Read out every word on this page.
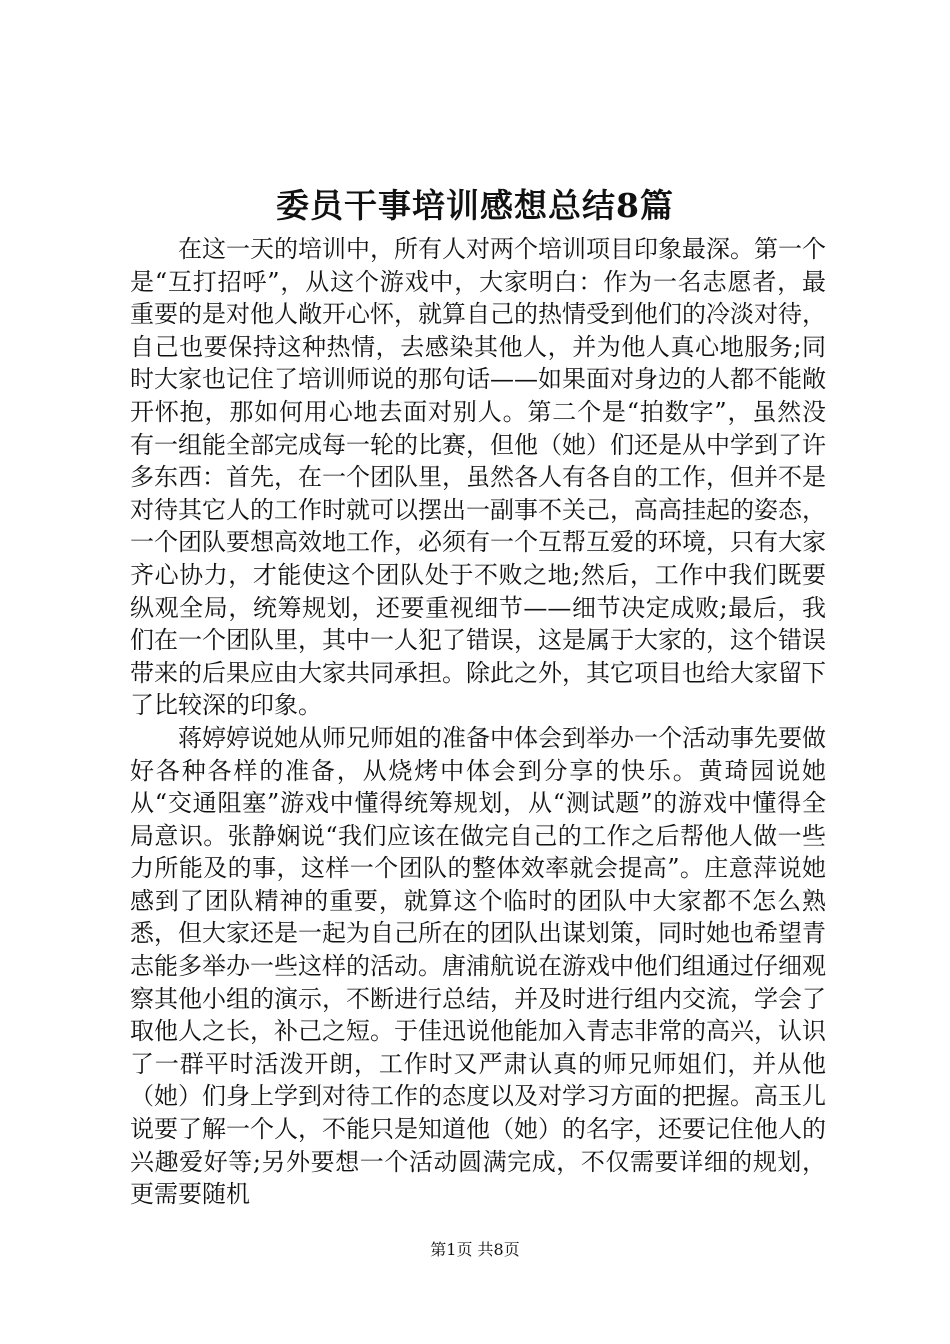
委员干事培训感想总结8篇

在这一天的培训中，所有人对两个培训项目印象最深。第一个是“互打招呼”，从这个游戏中，大家明白：作为一名志愿者，最重要的是对他人敞开心怀，就算自己的热情受到他们的冷淡对待，自己也要保持这种热情，去感染其他人，并为他人真心地服务;同时大家也记住了培训师说的那句话——如果面对身边的人都不能敞开怀抱，那如何用心地去面对别人。第二个是“拍数字”，虽然没有一组能全部完成每一轮的比赛，但他（她）们还是从中学到了许多东西：首先，在一个团队里，虽然各人有各自的工作，但并不是对待其它人的工作时就可以摆出一副事不关己，高高挂起的姿态，一个团队要想高效地工作，必须有一个互帮互爱的环境，只有大家齐心协力，才能使这个团队处于不败之地;然后，工作中我们既要纵观全局，统筹规划，还要重视细节——细节决定成败;最后，我们在一个团队里，其中一人犯了错误，这是属于大家的，这个错误带来的后果应由大家共同承担。除此之外，其它项目也给大家留下了比较深的印象。

蒋婷婷说她从师兄师姐的准备中体会到举办一个活动事先要做好各种各样的准备，从烧烤中体会到分享的快乐。黄琦园说她从“交通阻塞”游戏中懂得统筹规划，从“测试题”的游戏中懂得全局意识。张静娴说“我们应该在做完自己的工作之后帮他人做一些力所能及的事，这样一个团队的整体效率就会提高”。庄意萍说她感到了团队精神的重要，就算这个临时的团队中大家都不怎么熟悉，但大家还是一起为自己所在的团队出谋划策，同时她也希望青志能多举办一些这样的活动。唐浦航说在游戏中他们组通过仔细观察其他小组的演示，不断进行总结，并及时进行组内交流，学会了取他人之长，补己之短。于佳迅说他能加入青志非常的高兴，认识了一群平时活泼开朗，工作时又严肃认真的师兄师姐们，并从他（她）们身上学到对待工作的态度以及对学习方面的把握。高玉儿说要了解一个人，不能只是知道他（她）的名字，还要记住他人的兴趣爱好等;另外要想一个活动圆满完成，不仅需要详细的规划，更需要随机

第1页 共8页
